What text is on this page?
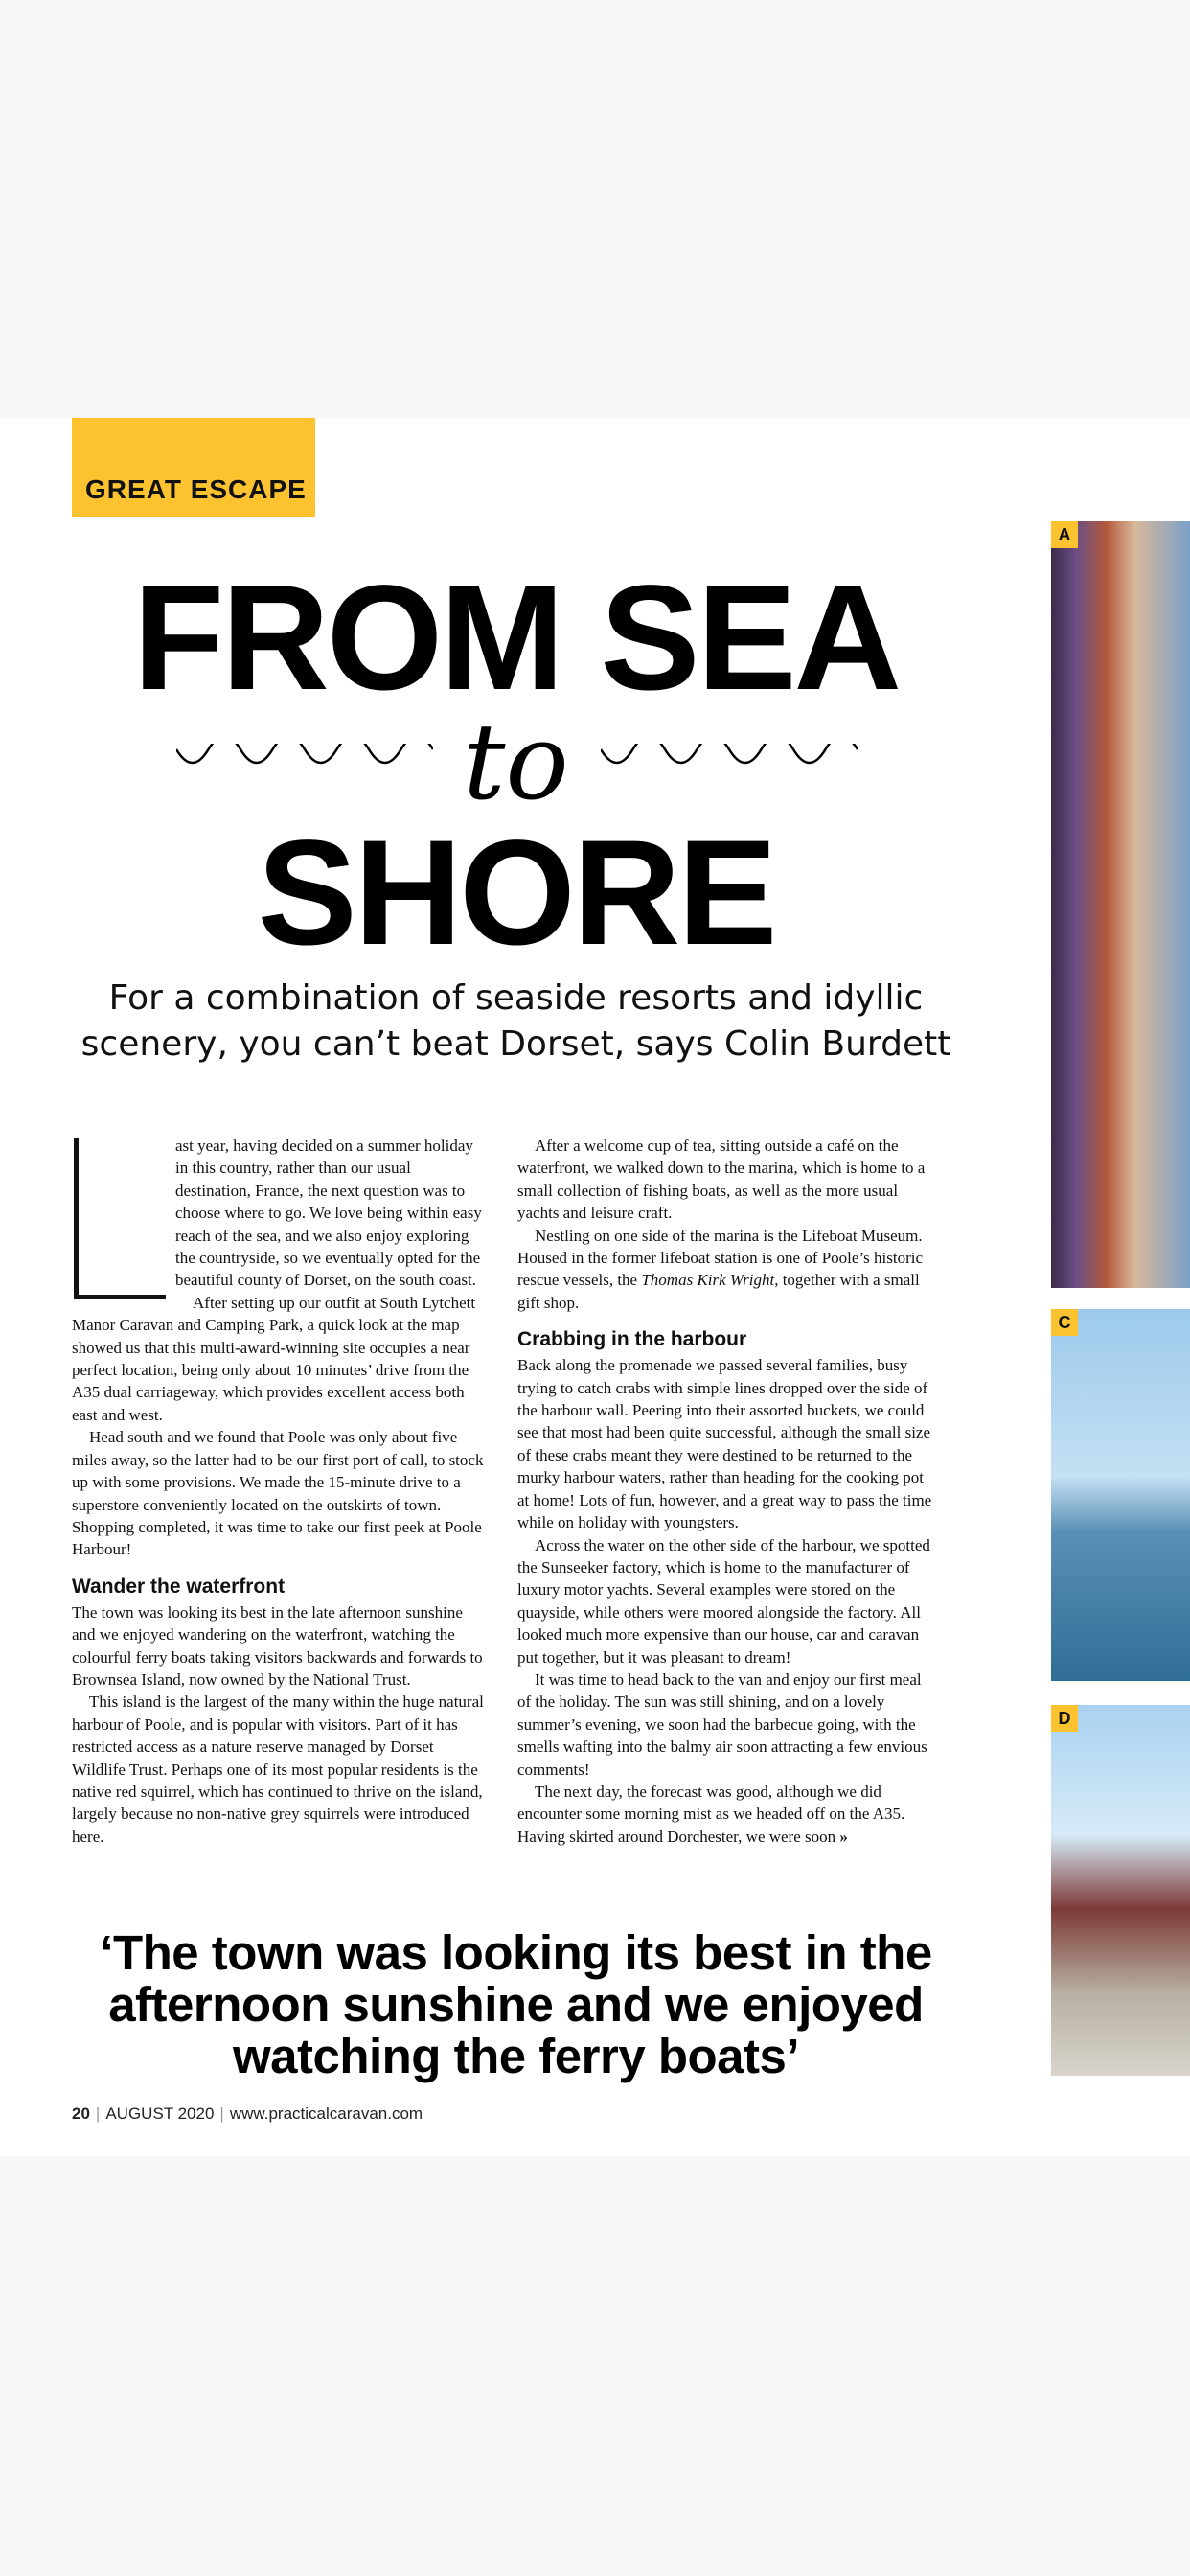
GREAT ESCAPE
FROM SEA
to
SHORE
For a combination of seaside resorts and idyllic scenery, you can’t beat Dorset, says Colin Burdett

ast year, having decided on a summer holiday in this country, rather than our usual destination, France, the next question was to choose where to go. We love being within easy reach of the sea, and we also enjoy exploring the countryside, so we eventually opted for the beautiful county of Dorset, on the south coast.

After setting up our outfit at South Lytchett Manor Caravan and Camping Park, a quick look at the map showed us that this multi-award-winning site occupies a near perfect location, being only about 10 minutes’ drive from the A35 dual carriageway, which provides excellent access both east and west.

Head south and we found that Poole was only about five miles away, so the latter had to be our first port of call, to stock up with some provisions. We made the 15-minute drive to a superstore conveniently located on the outskirts of town. Shopping completed, it was time to take our first peek at Poole Harbour!

Wander the waterfront

The town was looking its best in the late afternoon sunshine and we enjoyed wandering on the waterfront, watching the colourful ferry boats taking visitors backwards and forwards to Brownsea Island, now owned by the National Trust.

This island is the largest of the many within the huge natural harbour of Poole, and is popular with visitors. Part of it has restricted access as a nature reserve managed by Dorset Wildlife Trust. Perhaps one of its most popular residents is the native red squirrel, which has continued to thrive on the island, largely because no non-native grey squirrels were introduced here.

After a welcome cup of tea, sitting outside a café on the waterfront, we walked down to the marina, which is home to a small collection of fishing boats, as well as the more usual yachts and leisure craft.

Nestling on one side of the marina is the Lifeboat Museum. Housed in the former lifeboat station is one of Poole’s historic rescue vessels, the Thomas Kirk Wright, together with a small gift shop.

Crabbing in the harbour

Back along the promenade we passed several families, busy trying to catch crabs with simple lines dropped over the side of the harbour wall. Peering into their assorted buckets, we could see that most had been quite successful, although the small size of these crabs meant they were destined to be returned to the murky harbour waters, rather than heading for the cooking pot at home! Lots of fun, however, and a great way to pass the time while on holiday with youngsters.

Across the water on the other side of the harbour, we spotted the Sunseeker factory, which is home to the manufacturer of luxury motor yachts. Several examples were stored on the quayside, while others were moored alongside the factory. All looked much more expensive than our house, car and caravan put together, but it was pleasant to dream!

It was time to head back to the van and enjoy our first meal of the holiday. The sun was still shining, and on a lovely summer’s evening, we soon had the barbecue going, with the smells wafting into the balmy air soon attracting a few envious comments!

The next day, the forecast was good, although we did encounter some morning mist as we headed off on the A35. Having skirted around Dorchester, we were soon »

‘The town was looking its best in the afternoon sunshine and we enjoyed watching the ferry boats’
20 | AUGUST 2020 | www.practicalcaravan.com
A
C
D
